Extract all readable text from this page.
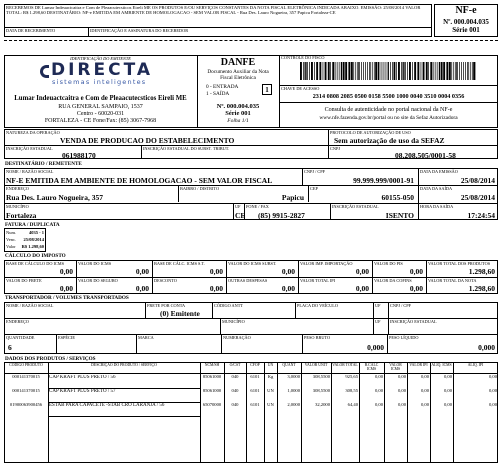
RECEBEMOS DE Lumar Indeuactcaitra e Com de Pleaacutecsticos Eireli ME OS PRODUTOS E/OU SERVIÇOS CONSTANTES DA NOTA FISCAL ELETRÔNICA INDICADA ABAIXO. EMISSÃO: 25/08/2014 VALOR TOTAL: R$ 1.298,60 DESTINATÁRIO: NF-e EMITIDA EM AMBIENTE DE HOMOLOGACAO - SEM VALOR FISCAL - Rua Des. Lauro Nogueira, 357 Papicu Fortaleza-CE
DATA DE RECEBIMENTO	IDENTIFICAÇÃO E ASSINATURA DO RECEBEDOR
NF-e
Nº. 000.004.035
Série 001
IDENTIFICAÇÃO DO EMITENTE
DIRECTA
sistemas inteligentes
Lumar Indeuactcaitra e Com de Pleaacutecsticos Eireli ME
RUA GENERAL SAMPAIO, 1537
Centro - 60020-031
FORTALEZA - CE Fone/Fax: (85) 3067-7968
DANFE
Documento Auxiliar da Nota
Fiscal Eletrônica
0 - ENTRADA
1 - SAÍDA	1
Nº. 000.004.035
Série 001
Folha 1/1
CONTROLE DO FISCO
CHAVE DE ACESSO
2314 0808 2085 0500 0158 5500 1000 0040 3510 0004 0356
Consulta de autenticidade no portal nacional da NF-e
www.nfe.fazenda.gov.br/portal ou no site da Sefaz Autorizadora
NATUREZA DA OPERAÇÃO
VENDA DE PRODUCAO DO ESTABELECIMENTO
PROTOCOLO DE AUTORIZAÇÃO DE USO
Sem autorização de uso da SEFAZ
INSCRIÇÃO ESTADUAL
061988170
INSCRIÇÃO ESTADUAL DO SUBST. TRIBUT.	CNPJ
08.208.505/0001-58
DESTINATÁRIO / REMETENTE
NOME / RAZÃO SOCIAL
NF-E EMITIDA EM AMBIENTE DE HOMOLOGACAO - SEM VALOR FISCAL
CNPJ / CPF
99.999.999/0001-91
DATA DA EMISSÃO
25/08/2014
ENDEREÇO
Rua Des. Lauro Nogueira, 357
BAIRRO / DISTRITO
Papicu
CEP
60155-050
DATA DA SAÍDA
25/08/2014
MUNICÍPIO
Fortaleza
UF
CE
FONE / FAX
(85) 9915-2827
INSCRIÇÃO ESTADUAL
ISENTO
HORA DA SAÍDA
17:24:54
FATURA / DUPLICATA
Num.	4035 - 1
Venc.	25/08/2014
Valor	R$ 1.298,60
CÁLCULO DO IMPOSTO
BASE DE CÁLCULO DO ICMS
0,00
VALOR DO ICMS
0,00
BASE DE CÁLC. ICMS S.T.
0,00
VALOR DO ICMS SUBST.
0,00
VALOR IMP. IMPORTAÇÃO
0,00
VALOR DO PIS
0,00
VALOR TOTAL DOS PRODUTOS
1.298,60
VALOR DO FRETE
0,00
VALOR DO SEGURO
0,00
DESCONTO
0,00
OUTRAS DESPESAS
0,00
VALOR TOTAL IPI
0,00
VALOR DA COFINS
0,00
VALOR TOTAL DA NOTA
1.298,60
TRANSPORTADOR / VOLUMES TRANSPORTADOS
NOME / RAZÃO SOCIAL	FRETE POR CONTA
(0) Emitente
CÓDIGO ANTT	PLACA DO VEÍCULO	UF CNPJ / CPF
ENDEREÇO	MUNICÍPIO	UF INSCRIÇÃO ESTADUAL
QUANTIDADE
6
ESPÉCIE	MARCA	NUMERAÇÃO	PESO BRUTO
0,000
PESO LÍQUIDO
0,000
DADOS DOS PRODUTOS / SERVIÇOS
CÓDIGO PRODUTO	DESCRIÇÃO DO PRODUTO / SERVIÇO	NCM/SH	O/CST	CFOP	UN	QUANT	VALOR UNIT	VALOR TOTAL	B.CÁLC ICMS
VALOR ICMS
VALOR IPI ALÍQ. ICMS	ALÍQ. IPI
000141370015	CAP KRAFT PLUS PRETO / 56	85061000	040	6101	Kg	3,0000	308,5500	925,65	0,00	0,00	0,00	0,00	0,00
000141370015	CAP KRAFT PLUS PRETO / 57	85061000	040	6101	UN	1,0000	308,5500	308,55	0,00	0,00	0,00	0,00	0,00
01900063900456	ESTAB PARA CAPACETE -STAB CRO LARANJA / 56	65070000	040	6101	UN	2,0000	32,2000	64,40	0,00	0,00	0,00	0,00	0,00
